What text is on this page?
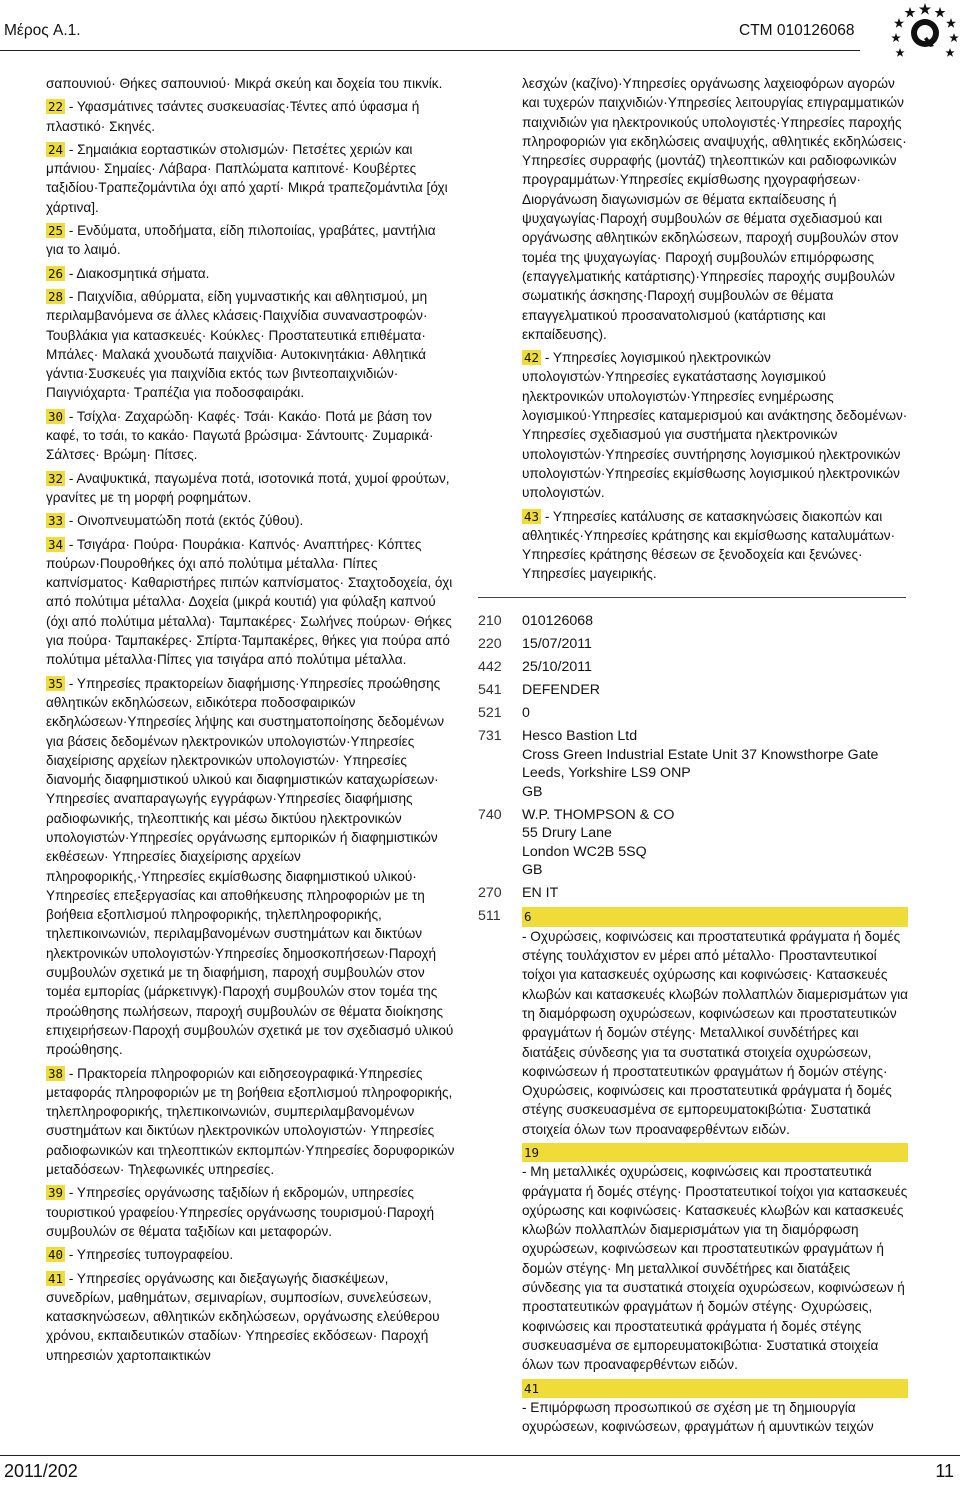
Μέρος A.1.	CTM 010126068

σαπουνιού· Θήκες σαπουνιού· Μικρά σκεύη και δοχεία του πικνίκ.

22 - Υφασμάτινες τσάντες συσκευασίας·Τέντες από ύφασμα ή πλαστικό· Σκηνές.

24 - Σημαιάκια εορταστικών στολισμών· Πετσέτες χεριών και μπάνιου· Σημαίες· Λάβαρα· Παπλώματα καπιτονέ· Κουβέρτες ταξιδίου·Τραπεζομάντιλα όχι από χαρτί· Μικρά τραπεζομάντιλα [όχι χάρτινα].

25 - Ενδύματα, υποδήματα, είδη πιλοποιίας, γραβάτες, μαντήλια για το λαιμό.

26 - Διακοσμητικά σήματα.

28 - Παιχνίδια, αθύρματα, είδη γυμναστικής και αθλητισμού, μη περιλαμβανόμενα σε άλλες κλάσεις·Παιχνίδια συναναστροφών· Τουβλάκια για κατασκευές· Κούκλες· Προστατευτικά επιθέματα· Μπάλες· Μαλακά χνουδωτά παιχνίδια· Αυτοκινητάκια· Αθλητικά γάντια·Συσκευές για παιχνίδια εκτός των βιντεοπαιχνιδιών· Παιγνιόχαρτα· Τραπέζια για ποδοσφαιράκι.

30 - Τσίχλα· Ζαχαρώδη· Καφές· Τσάι· Κακάο· Ποτά με βάση τον καφέ, το τσάι, το κακάο· Παγωτά βρώσιμα· Σάντουιτς· Ζυμαρικά· Σάλτσες· Βρώμη· Πίτσες.

32 - Αναψυκτικά, παγωμένα ποτά, ισοτονικά ποτά, χυμοί φρούτων, γρανίτες με τη μορφή ροφημάτων.

33 - Οινοπνευματώδη ποτά (εκτός ζύθου).

34 - Τσιγάρα· Πούρα· Πουράκια· Καπνός· Αναπτήρες· Κόπτες πούρων·Πουροθήκες όχι από πολύτιμα μέταλλα· Πίπες καπνίσματος· Καθαριστήρες πιπών καπνίσματος· Σταχτοδοχεία, όχι από πολύτιμα μέταλλα· Δοχεία (μικρά κουτιά) για φύλαξη καπνού (όχι από πολύτιμα μέταλλα)· Ταμπακέρες· Σωλήνες πούρων· Θήκες για πούρα· Ταμπακέρες· Σπίρτα·Ταμπακέρες, θήκες για πούρα από πολύτιμα μέταλλα·Πίπες για τσιγάρα από πολύτιμα μέταλλα.

35 - Υπηρεσίες πρακτορείων διαφήμισης·Υπηρεσίες προώθησης αθλητικών εκδηλώσεων, ειδικότερα ποδοσφαιρικών εκδηλώσεων·Υπηρεσίες λήψης και συστηματοποίησης δεδομένων για βάσεις δεδομένων ηλεκτρονικών υπολογιστών·Υπηρεσίες διαχείρισης αρχείων ηλεκτρονικών υπολογιστών· Υπηρεσίες διανομής διαφημιστικού υλικού και διαφημιστικών καταχωρίσεων· Υπηρεσίες αναπαραγωγής εγγράφων·Υπηρεσίες διαφήμισης ραδιοφωνικής, τηλεοπτικής και μέσω δικτύου ηλεκτρονικών υπολογιστών·Υπηρεσίες οργάνωσης εμπορικών ή διαφημιστικών εκθέσεων· Υπηρεσίες διαχείρισης αρχείων πληροφορικής,·Υπηρεσίες εκμίσθωσης διαφημιστικού υλικού· Υπηρεσίες επεξεργασίας και αποθήκευσης πληροφοριών με τη βοήθεια εξοπλισμού πληροφορικής, τηλεπληροφορικής, τηλεπικοινωνιών, περιλαμβανομένων συστημάτων και δικτύων ηλεκτρονικών υπολογιστών·Υπηρεσίες δημοσκοπήσεων·Παροχή συμβουλών σχετικά με τη διαφήμιση, παροχή συμβουλών στον τομέα εμπορίας (μάρκετινγκ)·Παροχή συμβουλών στον τομέα της προώθησης πωλήσεων, παροχή συμβουλών σε θέματα διοίκησης επιχειρήσεων·Παροχή συμβουλών σχετικά με τον σχεδιασμό υλικού προώθησης.

38 - Πρακτορεία πληροφοριών και ειδησεογραφικά·Υπηρεσίες μεταφοράς πληροφοριών με τη βοήθεια εξοπλισμού πληροφορικής, τηλεπληροφορικής, τηλεπικοινωνιών, συμπεριλαμβανομένων συστημάτων και δικτύων ηλεκτρονικών υπολογιστών· Υπηρεσίες ραδιοφωνικών και τηλεοπτικών εκπομπών·Υπηρεσίες δορυφορικών μεταδόσεων· Τηλεφωνικές υπηρεσίες.

39 - Υπηρεσίες οργάνωσης ταξιδίων ή εκδρομών, υπηρεσίες τουριστικού γραφείου·Υπηρεσίες οργάνωσης τουρισμού·Παροχή συμβουλών σε θέματα ταξιδίων και μεταφορών.

40 - Υπηρεσίες τυπογραφείου.

41 - Υπηρεσίες οργάνωσης και διεξαγωγής διασκέψεων, συνεδρίων, μαθημάτων, σεμιναρίων, συμποσίων, συνελεύσεων, κατασκηνώσεων, αθλητικών εκδηλώσεων, οργάνωσης ελεύθερου χρόνου, εκπαιδευτικών σταδίων· Υπηρεσίες εκδόσεων· Παροχή υπηρεσιών χαρτοπαικτικών

λεσχών (καζίνο)·Υπηρεσίες οργάνωσης λαχειοφόρων αγορών και τυχερών παιχνιδιών·Υπηρεσίες λειτουργίας επιγραμματικών παιχνιδιών για ηλεκτρονικούς υπολογιστές·Υπηρεσίες παροχής πληροφοριών για εκδηλώσεις αναψυχής, αθλητικές εκδηλώσεις· Υπηρεσίες συρραφής (μοντάζ) τηλεοπτικών και ραδιοφωνικών προγραμμάτων·Υπηρεσίες εκμίσθωσης ηχογραφήσεων· Διοργάνωση διαγωνισμών σε θέματα εκπαίδευσης ή ψυχαγωγίας·Παροχή συμβουλών σε θέματα σχεδιασμού και οργάνωσης αθλητικών εκδηλώσεων, παροχή συμβουλών στον τομέα της ψυχαγωγίας· Παροχή συμβουλών επιμόρφωσης (επαγγελματικής κατάρτισης)·Υπηρεσίες παροχής συμβουλών σωματικής άσκησης·Παροχή συμβουλών σε θέματα επαγγελματικού προσανατολισμού (κατάρτισης και εκπαίδευσης).

42 - Υπηρεσίες λογισμικού ηλεκτρονικών υπολογιστών·Υπηρεσίες εγκατάστασης λογισμικού ηλεκτρονικών υπολογιστών·Υπηρεσίες ενημέρωσης λογισμικού·Υπηρεσίες καταμερισμού και ανάκτησης δεδομένων· Υπηρεσίες σχεδιασμού για συστήματα ηλεκτρονικών υπολογιστών·Υπηρεσίες συντήρησης λογισμικού ηλεκτρονικών υπολογιστών·Υπηρεσίες εκμίσθωσης λογισμικού ηλεκτρονικών υπολογιστών.

43 - Υπηρεσίες κατάλυσης σε κατασκηνώσεις διακοπών και αθλητικές·Υπηρεσίες κράτησης και εκμίσθωσης καταλυμάτων· Υπηρεσίες κράτησης θέσεων σε ξενοδοχεία και ξενώνες· Υπηρεσίες μαγειρικής.

210	010126068
220	15/07/2011
442	25/10/2011
541	DEFENDER
521	0
731	Hesco Bastion Ltd
Cross Green Industrial Estate Unit 37 Knowsthorpe Gate
Leeds, Yorkshire LS9 ONP
GB
740	W.P. THOMPSON & CO
55 Drury Lane
London WC2B 5SQ
GB
270	EN IT
511	6
- Οχυρώσεις, κοφινώσεις και προστατευτικά φράγματα ή δομές στέγης τουλάχιστον εν μέρει από μέταλλο· Προσταντευτικοί τοίχοι για κατασκευές οχύρωσης και κοφινώσεις· Κατασκευές κλωβών και κατασκευές κλωβών πολλαπλών διαμερισμάτων για τη διαμόρφωση οχυρώσεων, κοφινώσεων και προστατευτικών φραγμάτων ή δομών στέγης· Μεταλλικοί συνδέτήρες και διατάξεις σύνδεσης για τα συστατικά στοιχεία οχυρώσεων, κοφινώσεων ή προστατευτικών φραγμάτων ή δομών στέγης· Οχυρώσεις, κοφινώσεις και προστατευτικά φράγματα ή δομές στέγης συσκευασμένα σε εμπορευματοκιβώτια· Συστατικά στοιχεία όλων των προαναφερθέντων ειδών.

19
- Μη μεταλλικές οχυρώσεις, κοφινώσεις και προστατευτικά φράγματα ή δομές στέγης· Προστατευτικοί τοίχοι για κατασκευές οχύρωσης και κοφινώσεις· Κατασκευές κλωβών και κατασκευές κλωβών πολλαπλών διαμερισμάτων για τη διαμόρφωση οχυρώσεων, κοφινώσεων και προστατευτικών φραγμάτων ή δομών στέγης· Μη μεταλλικοί συνδέτήρες και διατάξεις σύνδεσης για τα συστατικά στοιχεία οχυρώσεων, κοφινώσεων ή προστατευτικών φραγμάτων ή δομών στέγης· Οχυρώσεις, κοφινώσεις και προστατευτικά φράγματα ή δομές στέγης συσκευασμένα σε εμπορευματοκιβώτια· Συστατικά στοιχεία όλων των προαναφερθέντων ειδών.

41
- Επιμόρφωση προσωπικού σε σχέση με τη δημιουργία οχυρώσεων, κοφινώσεων, φραγμάτων ή αμυντικών τειχών

2011/202	11
